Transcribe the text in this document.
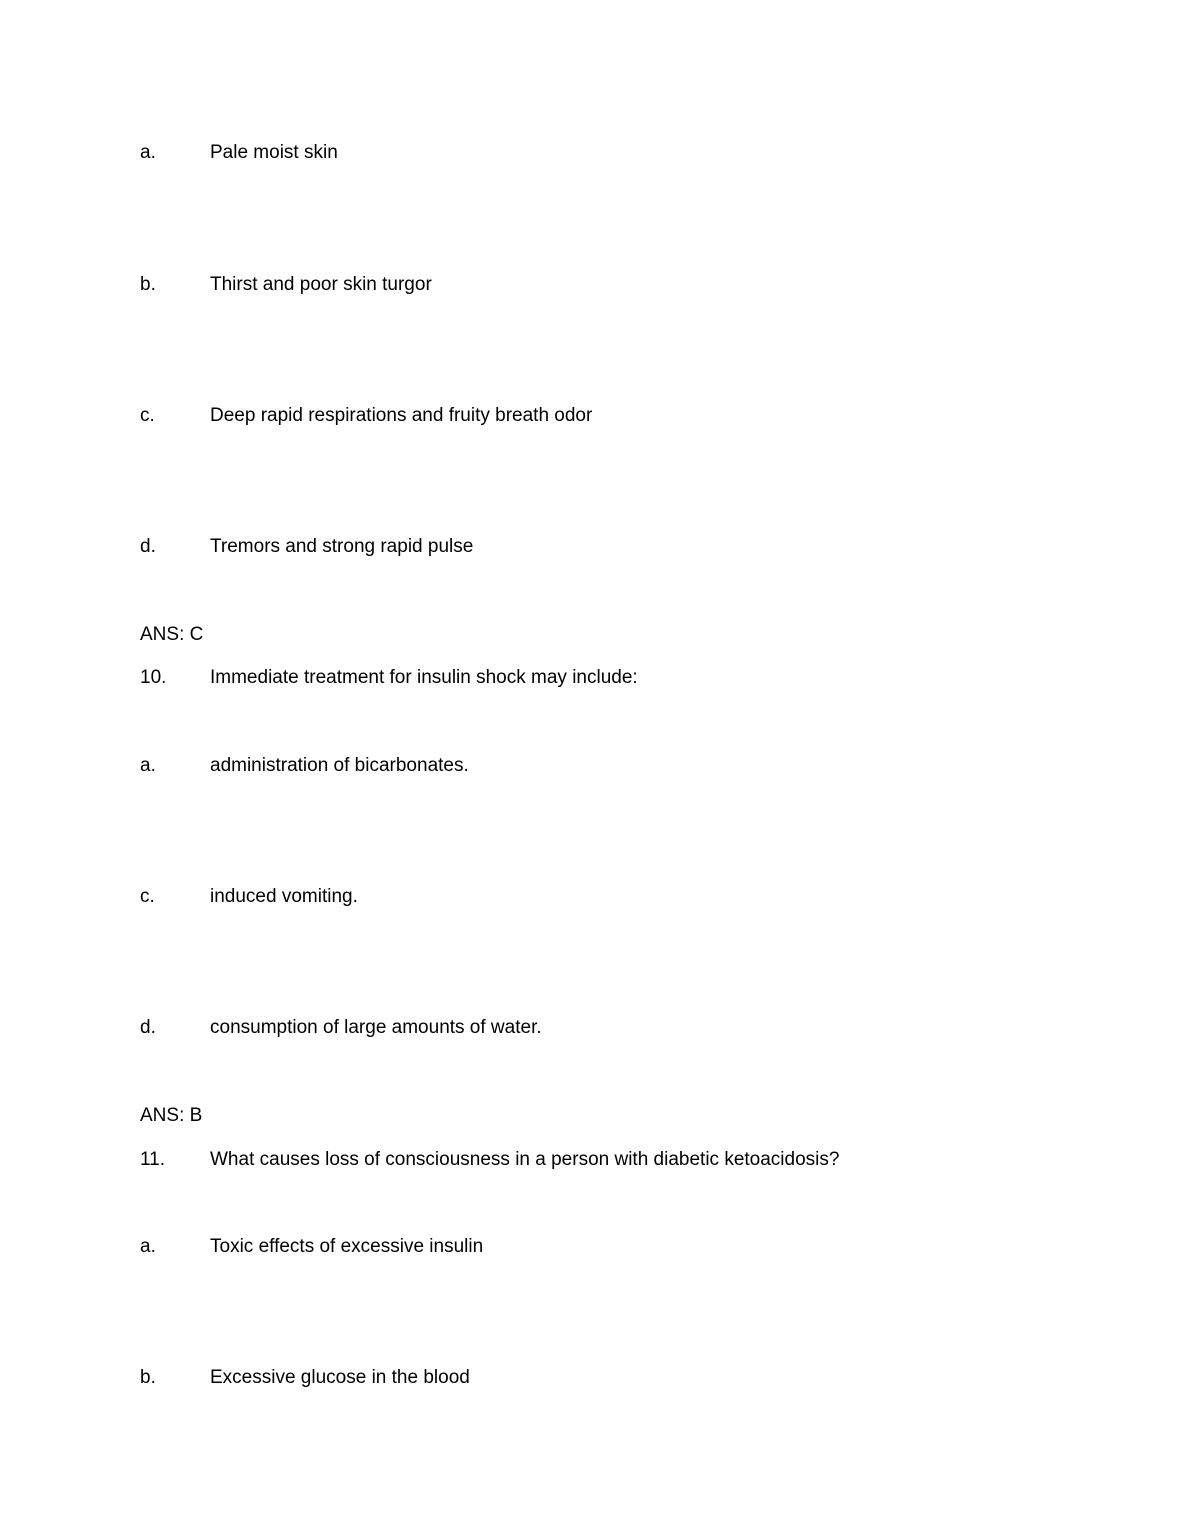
a.	Pale moist skin
b.	Thirst and poor skin turgor
c.	Deep rapid respirations and fruity breath odor
d.	Tremors and strong rapid pulse
ANS: C
10. Immediate treatment for insulin shock may include:
a.	administration of bicarbonates.
c.	induced vomiting.
d.	consumption of large amounts of water.
ANS: B
11. What causes loss of consciousness in a person with diabetic ketoacidosis?
a.	Toxic effects of excessive insulin
b.	Excessive glucose in the blood
